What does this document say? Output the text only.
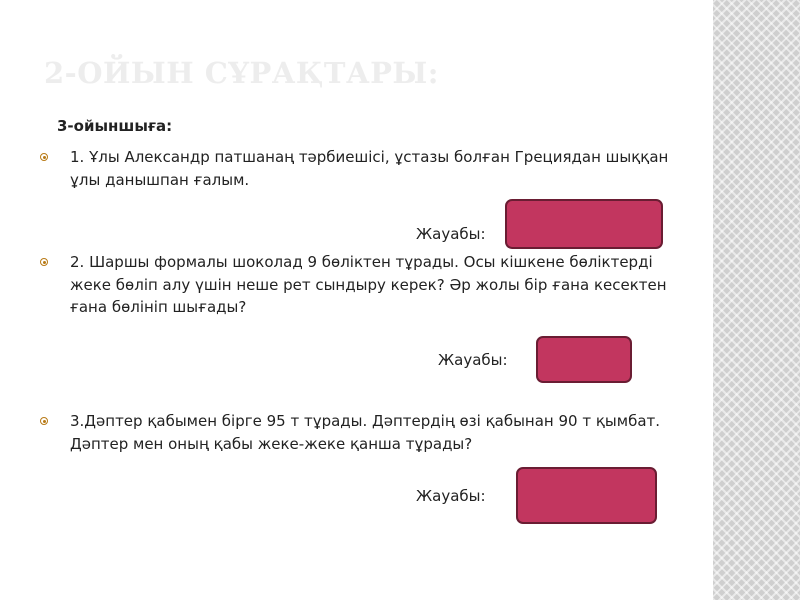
2-ОЙЫН СҰРАҚТАРЫ:
3-ойыншыға:
1. Ұлы Александр патшанаң тәрбиешісі, ұстазы болған Грециядан шыққан ұлы данышпан ғалым.
Жауабы:
2. Шаршы формалы шоколад 9 бөліктен тұрады. Осы кішкене бөліктерді жеке бөліп алу үшін неше рет сындыру керек? Әр жолы бір ғана кесектен ғана бөлініп шығады?
Жауабы:
3.Дәптер қабымен бірге 95 т тұрады. Дәптердің өзі қабынан 90 т қымбат. Дәптер мен оның қабы жеке-жеке қанша тұрады?
Жауабы:
